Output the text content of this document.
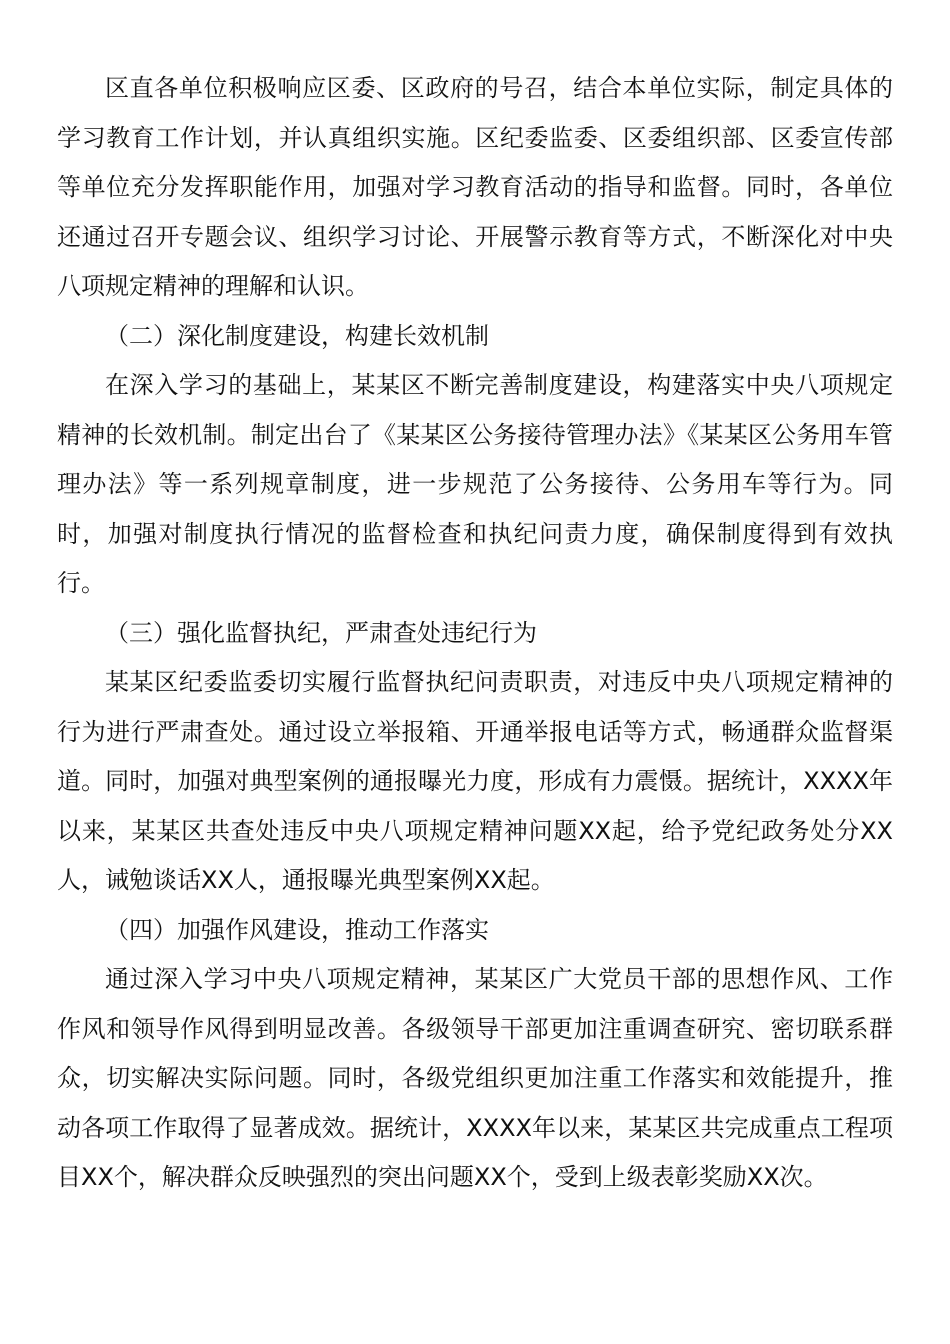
区直各单位积极响应区委、区政府的号召，结合本单位实际，制定具体的学习教育工作计划，并认真组织实施。区纪委监委、区委组织部、区委宣传部等单位充分发挥职能作用，加强对学习教育活动的指导和监督。同时，各单位还通过召开专题会议、组织学习讨论、开展警示教育等方式，不断深化对中央八项规定精神的理解和认识。

（二）深化制度建设，构建长效机制

在深入学习的基础上，某某区不断完善制度建设，构建落实中央八项规定精神的长效机制。制定出台了《某某区公务接待管理办法》《某某区公务用车管理办法》等一系列规章制度，进一步规范了公务接待、公务用车等行为。同时，加强对制度执行情况的监督检查和执纪问责力度，确保制度得到有效执行。

（三）强化监督执纪，严肃查处违纪行为

某某区纪委监委切实履行监督执纪问责职责，对违反中央八项规定精神的行为进行严肃查处。通过设立举报箱、开通举报电话等方式，畅通群众监督渠道。同时，加强对典型案例的通报曝光力度，形成有力震慑。据统计，XXXX年以来，某某区共查处违反中央八项规定精神问题XX起，给予党纪政务处分XX人，诫勉谈话XX人，通报曝光典型案例XX起。

（四）加强作风建设，推动工作落实

通过深入学习中央八项规定精神，某某区广大党员干部的思想作风、工作作风和领导作风得到明显改善。各级领导干部更加注重调查研究、密切联系群众，切实解决实际问题。同时，各级党组织更加注重工作落实和效能提升，推动各项工作取得了显著成效。据统计，XXXX年以来，某某区共完成重点工程项目XX个，解决群众反映强烈的突出问题XX个，受到上级表彰奖励XX次。
